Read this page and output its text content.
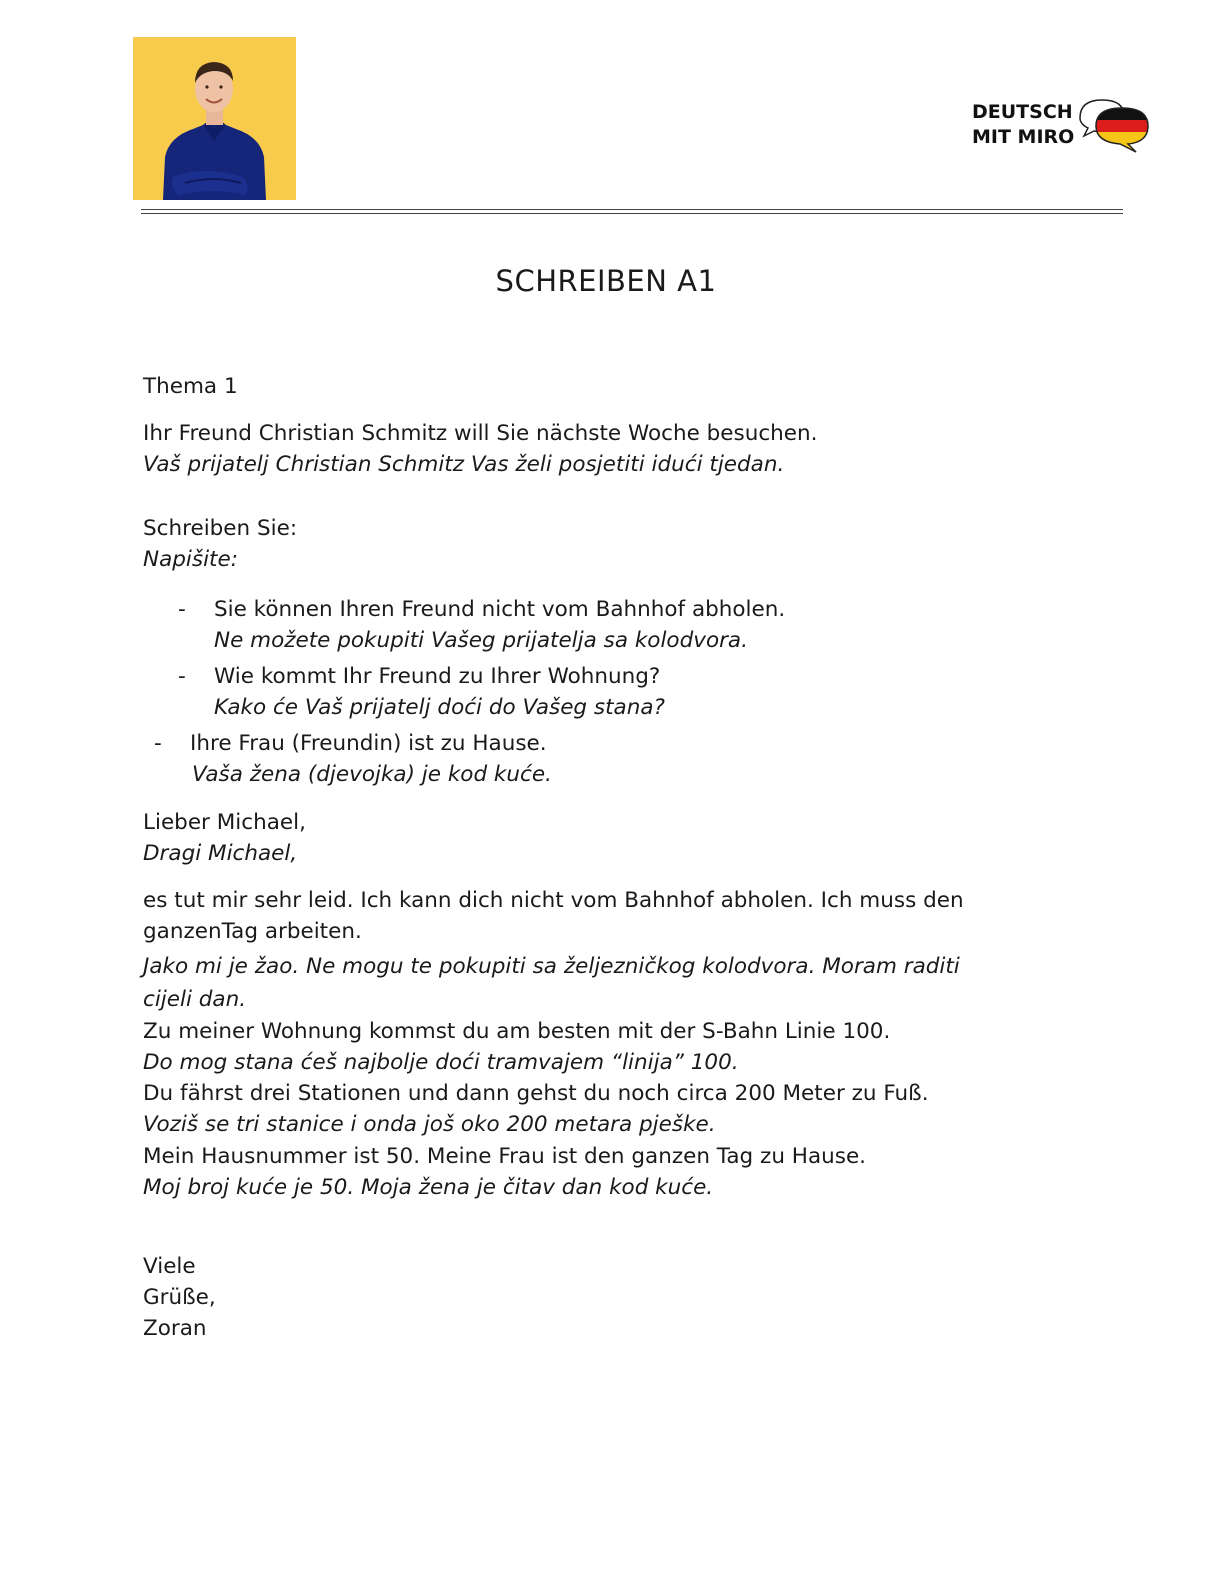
DEUTSCH
MIT MIRO
SCHREIBEN A1
Thema 1
Ihr Freund Christian Schmitz will Sie nächste Woche besuchen.
Vaš prijatelj Christian Schmitz Vas želi posjetiti idući tjedan.
Schreiben Sie:
Napišite:
- Sie können Ihren Freund nicht vom Bahnhof abholen.
Ne možete pokupiti Vašeg prijatelja sa kolodvora.
- Wie kommt Ihr Freund zu Ihrer Wohnung?
Kako će Vaš prijatelj doći do Vašeg stana?
- Ihre Frau (Freundin) ist zu Hause.
Vaša žena (djevojka) je kod kuće.
Lieber Michael,
Dragi Michael,
es tut mir sehr leid. Ich kann dich nicht vom Bahnhof abholen. Ich muss den
ganzenTag arbeiten.
Jako mi je žao. Ne mogu te pokupiti sa željezničkog kolodvora. Moram raditi
cijeli dan.
Zu meiner Wohnung kommst du am besten mit der S-Bahn Linie 100.
Do mog stana ćeš najbolje doći tramvajem “linija” 100.
Du fährst drei Stationen und dann gehst du noch circa 200 Meter zu Fuß.
Voziš se tri stanice i onda još oko 200 metara pješke.
Mein Hausnummer ist 50. Meine Frau ist den ganzen Tag zu Hause.
Moj broj kuće je 50. Moja žena je čitav dan kod kuće.
Viele
Grüße,
Zoran
